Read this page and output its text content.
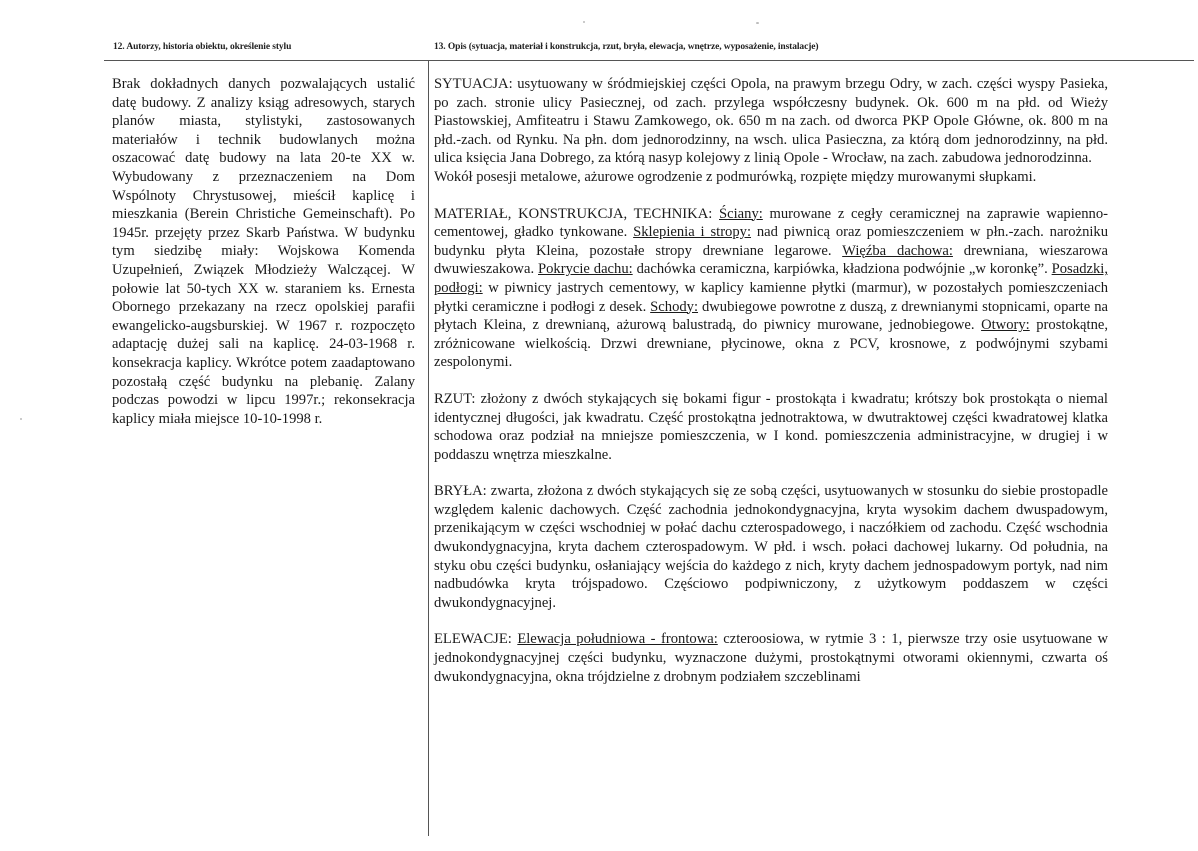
12. Autorzy, historia obiektu, określenie stylu	13. Opis (sytuacja, materiał i konstrukcja, rzut, bryła, elewacja, wnętrze, wyposażenie, instalacje)
Brak dokładnych danych pozwalających ustalić datę budowy. Z analizy ksiąg adresowych, starych planów miasta, stylistyki, zastosowanych materiałów i technik budowlanych można oszacować datę budowy na lata 20-te XX w. Wybudowany z przeznaczeniem na Dom Wspólnoty Chrystusowej, mieścił kaplicę i mieszkania (Berein Christiche Gemeinschaft). Po 1945r. przejęty przez Skarb Państwa. W budynku tym siedzibę miały: Wojskowa Komenda Uzupełnień, Związek Młodzieży Walczącej. W połowie lat 50-tych XX w. staraniem ks. Ernesta Obornego przekazany na rzecz opolskiej parafii ewangelicko-augsburskiej. W 1967 r. rozpoczęto adaptację dużej sali na kaplicę. 24-03-1968 r. konsekracja kaplicy. Wkrótce potem zaadaptowano pozostałą część budynku na plebanię. Zalany podczas powodzi w lipcu 1997r.; rekonsekracja kaplicy miała miejsce 10-10-1998 r.

SYTUACJA: usytuowany w śródmiejskiej części Opola, na prawym brzegu Odry, w zach. części wyspy Pasieka, po zach. stronie ulicy Pasiecznej, od zach. przylega współczesny budynek. Ok. 600 m na płd. od Wieży Piastowskiej, Amfiteatru i Stawu Zamkowego, ok. 650 m na zach. od dworca PKP Opole Główne, ok. 800 m na płd.-zach. od Rynku. Na płn. dom jednorodzinny, na wsch. ulica Pasieczna, za którą dom jednorodzinny, na płd. ulica księcia Jana Dobrego, za którą nasyp kolejowy z linią Opole - Wrocław, na zach. zabudowa jednorodzinna.

Wokół posesji metalowe, ażurowe ogrodzenie z podmurówką, rozpięte między murowanymi słupkami.

MATERIAŁ, KONSTRUKCJA, TECHNIKA: Ściany: murowane z cegły ceramicznej na zaprawie wapienno-cementowej, gładko tynkowane. Sklepienia i stropy: nad piwnicą oraz pomieszczeniem w płn.-zach. narożniku budynku płyta Kleina, pozostałe stropy drewniane legarowe. Więźba dachowa: drewniana, wieszarowa dwuwieszakowa. Pokrycie dachu: dachówka ceramiczna, karpiówka, kładziona podwójnie „w koronkę”. Posadzki, podłogi: w piwnicy jastrych cementowy, w kaplicy kamienne płytki (marmur), w pozostałych pomieszczeniach płytki ceramiczne i podłogi z desek. Schody: dwubiegowe powrotne z duszą, z drewnianymi stopnicami, oparte na płytach Kleina, z drewnianą, ażurową balustradą, do piwnicy murowane, jednobiegowe. Otwory: prostokątne, zróżnicowane wielkością. Drzwi drewniane, płycinowe, okna z PCV, krosnowe, z podwójnymi szybami zespolonymi.

RZUT: złożony z dwóch stykających się bokami figur - prostokąta i kwadratu; krótszy bok prostokąta o niemal identycznej długości, jak kwadratu. Część prostokątna jednotraktowa, w dwutraktowej części kwadratowej klatka schodowa oraz podział na mniejsze pomieszczenia, w I kond. pomieszczenia administracyjne, w drugiej i w poddaszu wnętrza mieszkalne.

BRYŁA: zwarta, złożona z dwóch stykających się ze sobą części, usytuowanych w stosunku do siebie prostopadle względem kalenic dachowych. Część zachodnia jednokondygnacyjna, kryta wysokim dachem dwuspadowym, przenikającym w części wschodniej w połać dachu czterospadowego, i naczółkiem od zachodu. Część wschodnia dwukondygnacyjna, kryta dachem czterospadowym. W płd. i wsch. połaci dachowej lukarny. Od południa, na styku obu części budynku, osłaniający wejścia do każdego z nich, kryty dachem jednospadowym portyk, nad nim nadbudówka kryta trójspadowo. Częściowo podpiwniczony, z użytkowym poddaszem w części dwukondygnacyjnej.

ELEWACJE: Elewacja południowa - frontowa: czteroosiowa, w rytmie 3 : 1, pierwsze trzy osie usytuowane w jednokondygnacyjnej części budynku, wyznaczone dużymi, prostokątnymi otworami okiennymi, czwarta oś dwukondygnacyjna, okna trójdzielne z drobnym podziałem szczeblinami
